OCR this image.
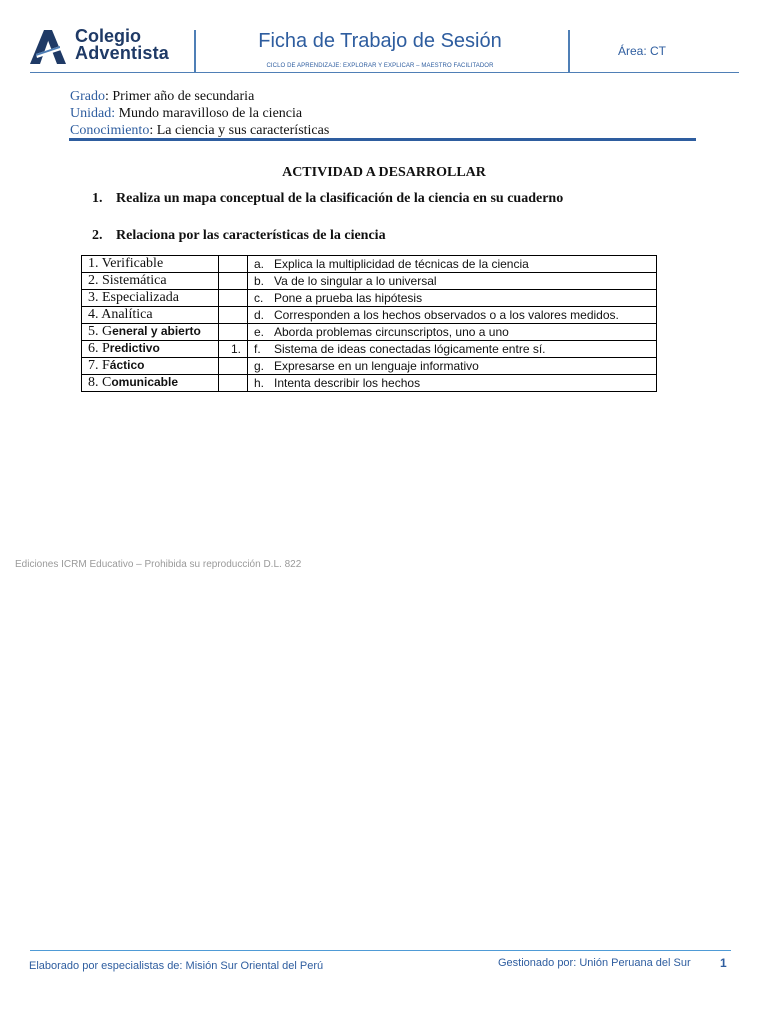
Colegio
Adventista
Ficha de Trabajo de Sesión
CICLO DE APRENDIZAJE: EXPLORAR Y EXPLICAR – MAESTRO FACILITADOR
Área: CT
Grado: Primer año de secundaria
Unidad: Mundo maravilloso de la ciencia
Conocimiento: La ciencia y sus características
ACTIVIDAD A DESARROLLAR
1. Realiza un mapa conceptual de la clasificación de la ciencia en su cuaderno
2. Relaciona por las características de la ciencia
1. Verificable		a. Explica la multiplicidad de técnicas de la ciencia
2. Sistemática		b. Va de lo singular a lo universal
3. Especializada		c. Pone a prueba las hipótesis
4. Analítica		d. Corresponden a los hechos observados o a los valores medidos.
5. General y abierto		e. Aborda problemas circunscriptos, uno a uno
6. Predictivo	1.	f. Sistema de ideas conectadas lógicamente entre sí.
7. Fáctico		g. Expresarse en un lenguaje informativo
8. Comunicable		h. Intenta describir los hechos
Ediciones ICRM Educativo – Prohibida su reproducción D.L. 822
Elaborado por especialistas de: Misión Sur Oriental del Perú	Gestionado por: Unión Peruana del Sur 1
